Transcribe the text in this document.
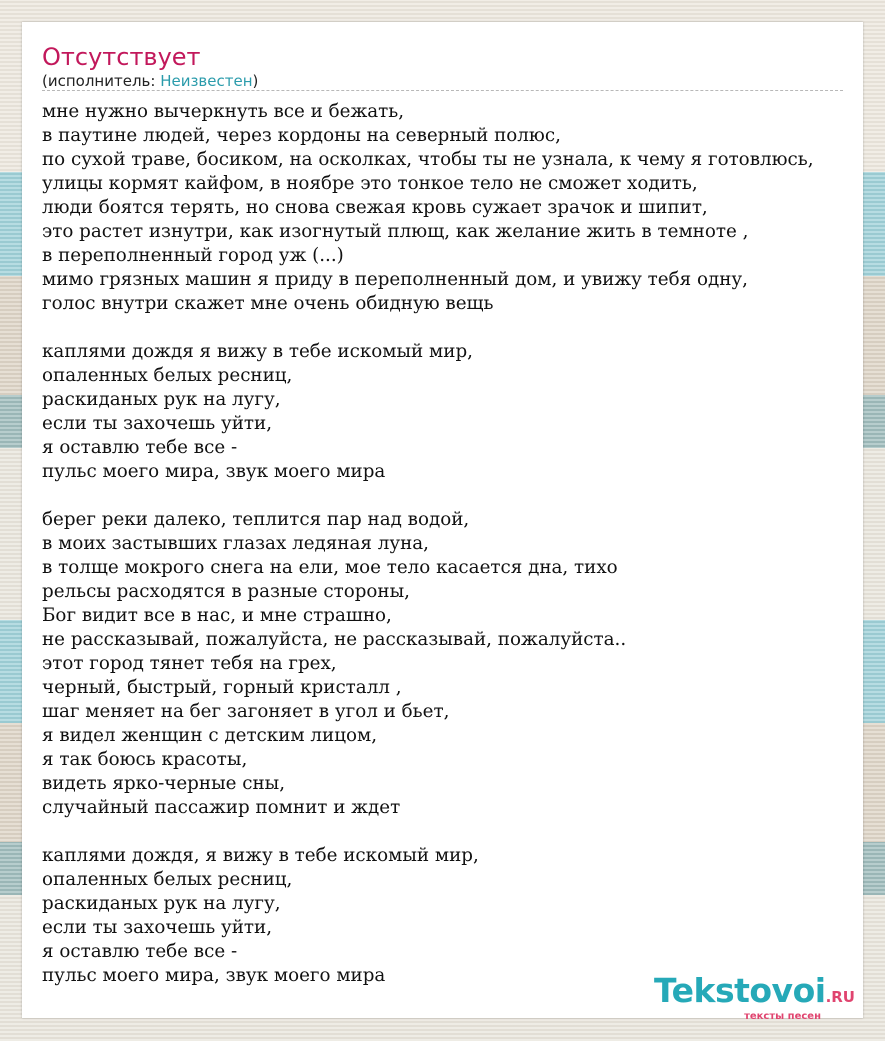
Отсутствует
(исполнитель: Неизвестен)
мне нужно вычеркнуть все и бежать,
в паутине людей, через кордоны на северный полюс,
по сухой траве, босиком, на осколках, чтобы ты не узнала, к чему я готовлюсь,
улицы кормят кайфом, в ноябре это тонкое тело не сможет ходить,
люди боятся терять, но снова свежая кровь сужает зрачок и шипит,
это растет изнутри, как изогнутый плющ, как желание жить в темноте ,
в переполненный город уж (...)
мимо грязных машин я приду в переполненный дом, и увижу тебя одну,
голос внутри скажет мне очень обидную вещь
каплями дождя я вижу в тебе искомый мир,
опаленных белых ресниц,
раскиданых рук на лугу,
если ты захочешь уйти,
я оставлю тебе все -
пульс моего мира, звук моего мира
берег реки далеко, теплится пар над водой,
в моих застывших глазах ледяная луна,
в толще мокрого снега на ели, мое тело касается дна, тихо
рельсы расходятся в разные стороны,
Бог видит все в нас, и мне страшно,
не рассказывай, пожалуйста, не рассказывай, пожалуйста..
этот город тянет тебя на грех,
черный, быстрый, горный кристалл ,
шаг меняет на бег загоняет в угол и бьет,
я видел женщин с детским лицом,
я так боюсь красоты,
видеть ярко-черные сны,
случайный пассажир помнит и ждет
каплями дождя, я вижу в тебе искомый мир,
опаленных белых ресниц,
раскиданых рук на лугу,
если ты захочешь уйти,
я оставлю тебе все -
пульс моего мира, звук моего мира	Tekstovoi.RU
тексты песен
